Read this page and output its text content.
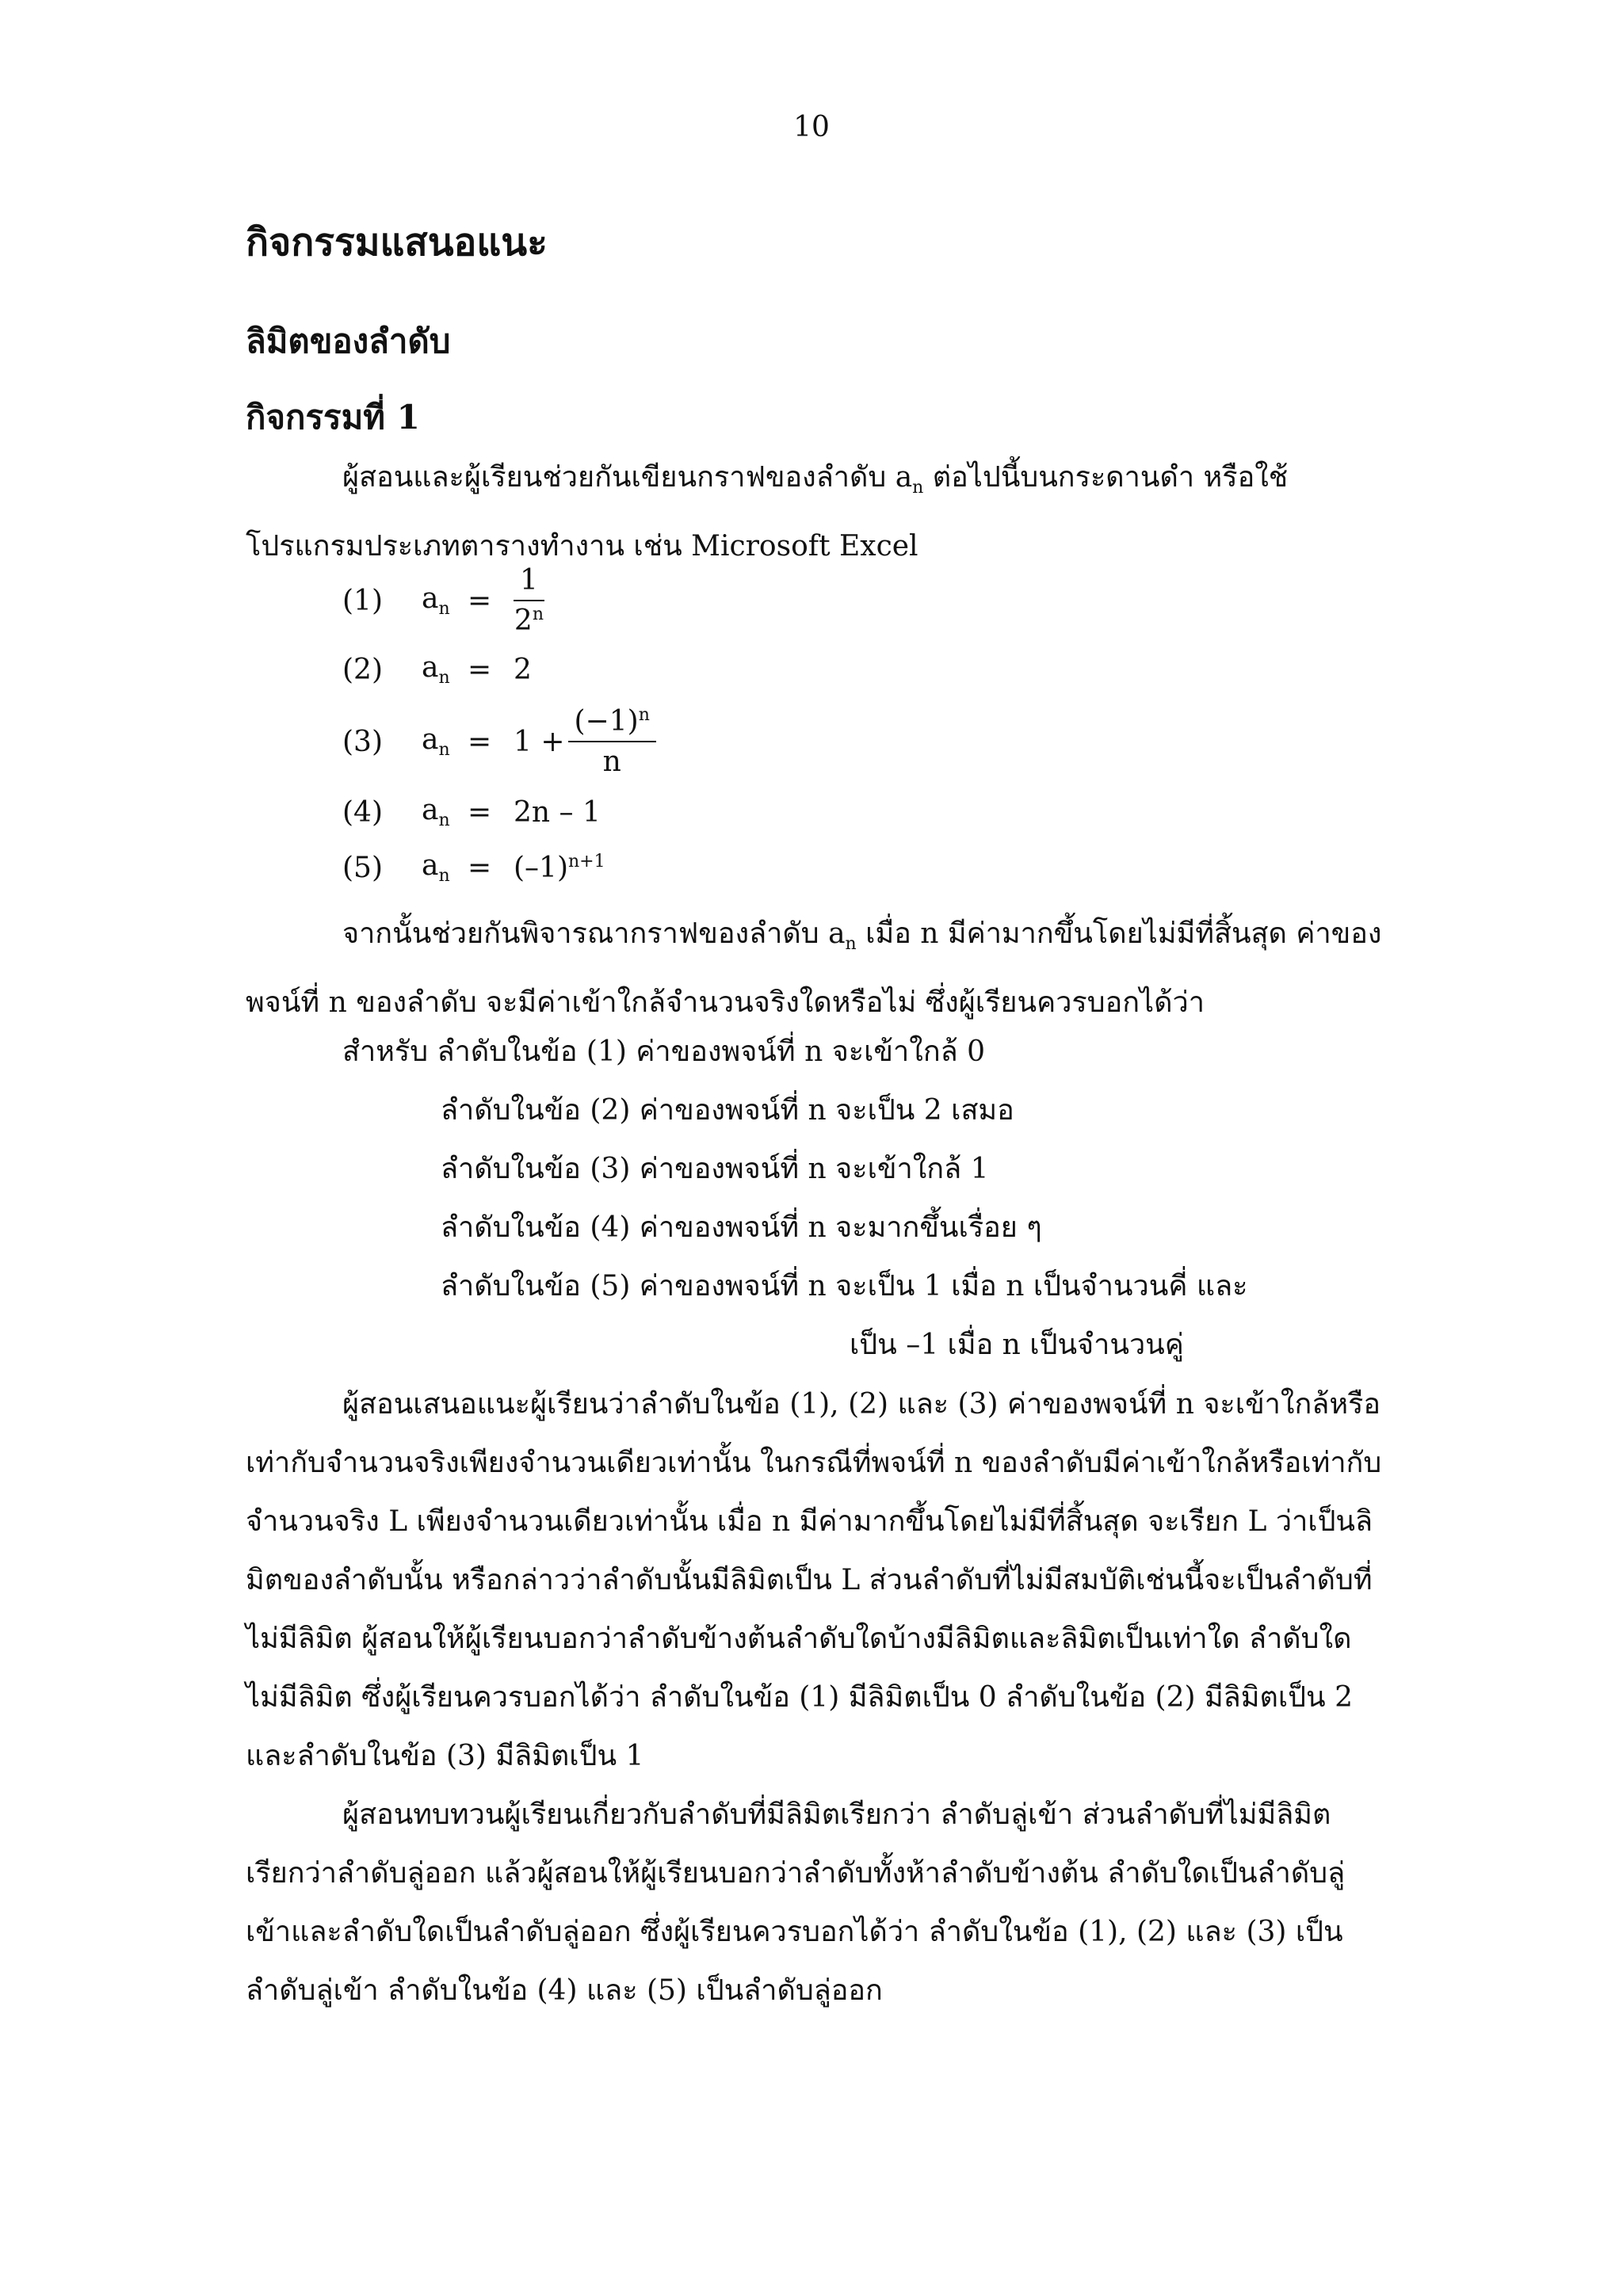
10
กิจกรรมแสนอแนะ
ลิมิตของลำดับ
กิจกรรมที่ 1

ผู้สอนและผู้เรียนช่วยกันเขียนกราฟของลำดับ $a_n$ ต่อไปนี้บนกระดานดำ หรือใช้โปรแกรมประเภทตารางทำงาน เช่น Microsoft Excel

(1)	$a_n = \frac{1}{2^n}$
(2)	$a_n = 2$
(3)	$a_n = 1 + \frac{(-1)^n}{n}$
(4)	$a_n = 2n - 1$
(5)	$a_n = (-1)^{n+1}$

จากนั้นช่วยกันพิจารณากราฟของลำดับ $a_n$ เมื่อ n มีค่ามากขึ้นโดยไม่มีที่สิ้นสุด ค่าของพจน์ที่ n ของลำดับ จะมีค่าเข้าใกล้จำนวนจริงใดหรือไม่ ซึ่งผู้เรียนควรบอกได้ว่า

สำหรับ ลำดับในข้อ (1) ค่าของพจน์ที่ n จะเข้าใกล้ 0
ลำดับในข้อ (2) ค่าของพจน์ที่ n จะเป็น 2 เสมอ
ลำดับในข้อ (3) ค่าของพจน์ที่ n จะเข้าใกล้ 1
ลำดับในข้อ (4) ค่าของพจน์ที่ n จะมากขึ้นเรื่อย ๆ
ลำดับในข้อ (5) ค่าของพจน์ที่ n จะเป็น 1 เมื่อ n เป็นจำนวนคี่ และ
เป็น –1 เมื่อ n เป็นจำนวนคู่

ผู้สอนเสนอแนะผู้เรียนว่าลำดับในข้อ (1), (2) และ (3) ค่าของพจน์ที่ n จะเข้าใกล้หรือเท่ากับจำนวนจริงเพียงจำนวนเดียวเท่านั้น ในกรณีที่พจน์ที่ n ของลำดับมีค่าเข้าใกล้หรือเท่ากับจำนวนจริง L เพียงจำนวนเดียวเท่านั้น เมื่อ n มีค่ามากขึ้นโดยไม่มีที่สิ้นสุด จะเรียก L ว่าเป็นลิมิตของลำดับนั้น หรือกล่าวว่าลำดับนั้นมีลิมิตเป็น L ส่วนลำดับที่ไม่มีสมบัติเช่นนี้จะเป็นลำดับที่ไม่มีลิมิต ผู้สอนให้ผู้เรียนบอกว่าลำดับข้างต้นลำดับใดบ้างมีลิมิตและลิมิตเป็นเท่าใด ลำดับใดไม่มีลิมิต ซึ่งผู้เรียนควรบอกได้ว่า ลำดับในข้อ (1) มีลิมิตเป็น 0 ลำดับในข้อ (2) มีลิมิตเป็น 2 และลำดับในข้อ (3) มีลิมิตเป็น 1

ผู้สอนทบทวนผู้เรียนเกี่ยวกับลำดับที่มีลิมิตเรียกว่า ลำดับลู่เข้า ส่วนลำดับที่ไม่มีลิมิตเรียกว่าลำดับลู่ออก แล้วผู้สอนให้ผู้เรียนบอกว่าลำดับทั้งห้าลำดับข้างต้น ลำดับใดเป็นลำดับลู่เข้าและลำดับใดเป็นลำดับลู่ออก ซึ่งผู้เรียนควรบอกได้ว่า ลำดับในข้อ (1), (2) และ (3) เป็นลำดับลู่เข้า ลำดับในข้อ (4) และ (5) เป็นลำดับลู่ออก
